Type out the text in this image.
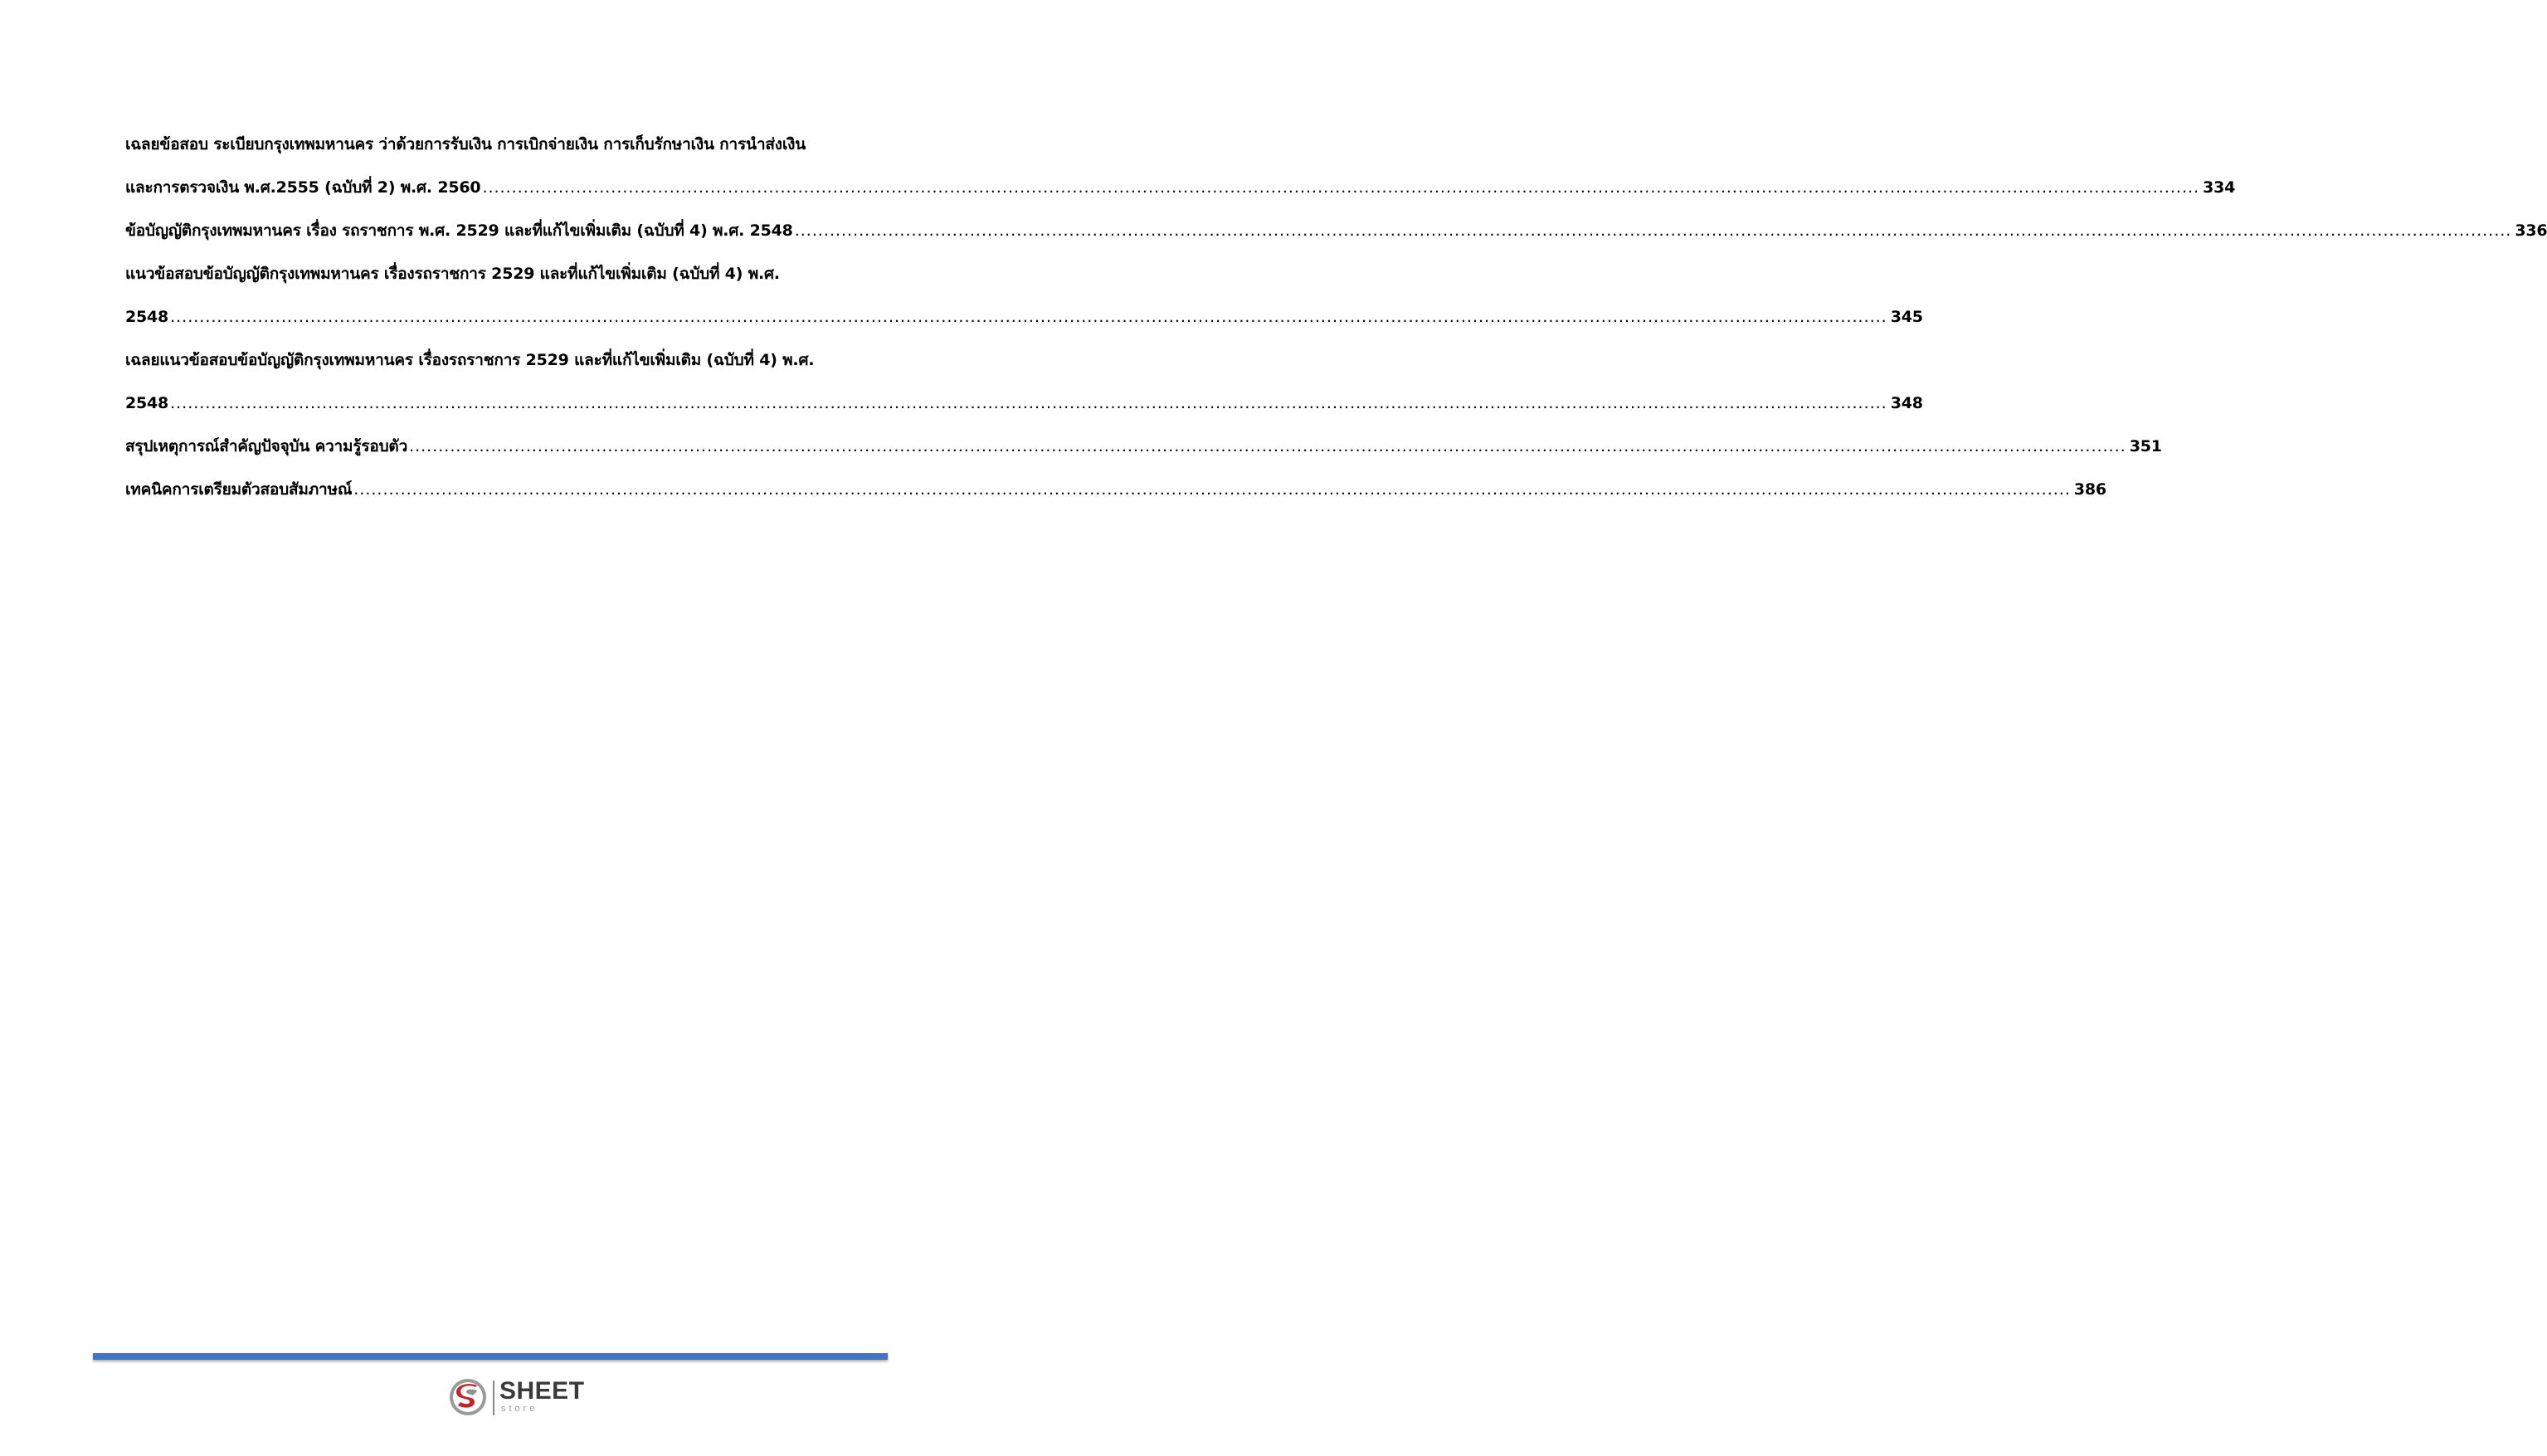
เฉลยข้อสอบ ระเบียบกรุงเทพมหานคร ว่าด้วยการรับเงิน การเบิกจ่ายเงิน การเก็บรักษาเงิน การนำส่งเงิน
และการตรวจเงิน พ.ศ.2555 (ฉบับที่ 2) พ.ศ. 2560 .....	334
ข้อบัญญัติกรุงเทพมหานคร เรื่อง รถราชการ พ.ศ. 2529 และที่แก้ไขเพิ่มเติม (ฉบับที่ 4) พ.ศ. 2548 .....	336
แนวข้อสอบข้อบัญญัติกรุงเทพมหานคร เรื่องรถราชการ 2529 และที่แก้ไขเพิ่มเติม (ฉบับที่ 4) พ.ศ.
2548 .....	345
เฉลยแนวข้อสอบข้อบัญญัติกรุงเทพมหานคร เรื่องรถราชการ 2529 และที่แก้ไขเพิ่มเติม (ฉบับที่ 4) พ.ศ.
2548 .....	348
สรุปเหตุการณ์สำคัญปัจจุบัน ความรู้รอบตัว .....	351
เทคนิคการเตรียมตัวสอบสัมภาษณ์ .....	386
SHEET
store
